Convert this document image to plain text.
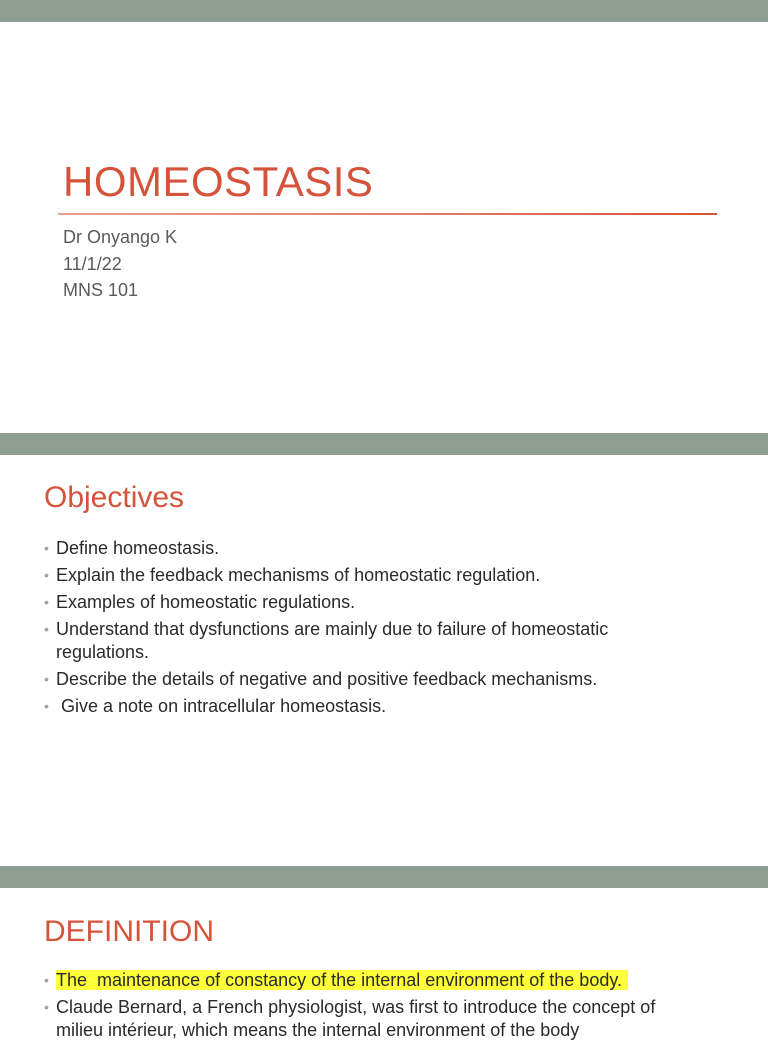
HOMEOSTASIS
Dr Onyango K
11/1/22
MNS 101
Objectives
• Define homeostasis.
• Explain the feedback mechanisms of homeostatic regulation.
• Examples of homeostatic regulations.
• Understand that dysfunctions are mainly due to failure of homeostatic regulations.
• Describe the details of negative and positive feedback mechanisms.
• Give a note on intracellular homeostasis.
DEFINITION
• The  maintenance of constancy of the internal environment of the body.
• Claude Bernard, a French physiologist, was first to introduce the concept of milieu intérieur, which means the internal environment of the body
